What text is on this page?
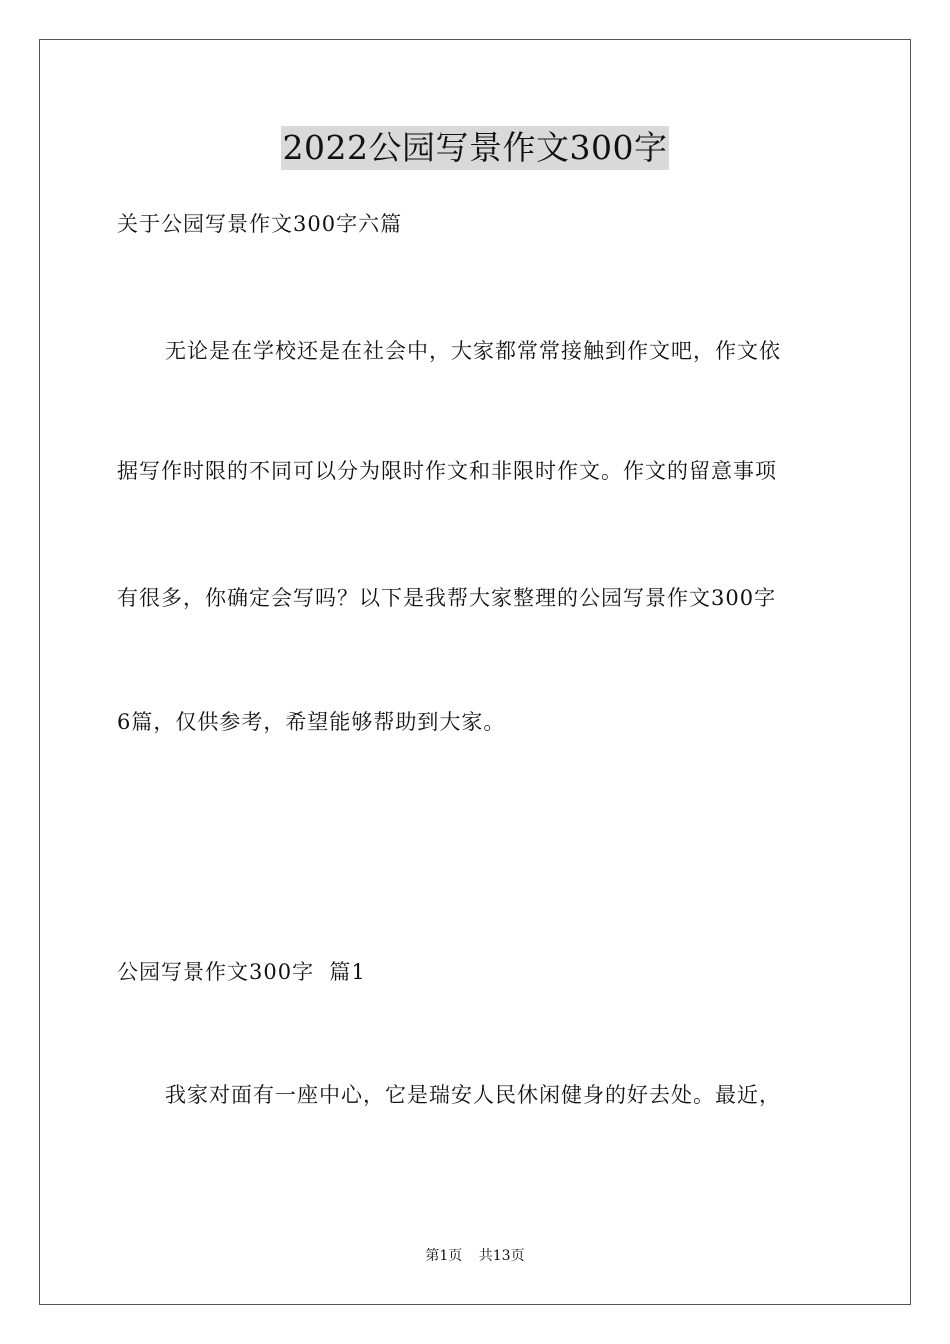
2022公园写景作文300字
关于公园写景作文300字六篇
无论是在学校还是在社会中，大家都常常接触到作文吧，作文依
据写作时限的不同可以分为限时作文和非限时作文。作文的留意事项
有很多，你确定会写吗？以下是我帮大家整理的公园写景作文300字
6篇，仅供参考，希望能够帮助到大家。
公园写景作文300字  篇1
我家对面有一座中心，它是瑞安人民休闲健身的好去处。最近，
第1页 共13页
